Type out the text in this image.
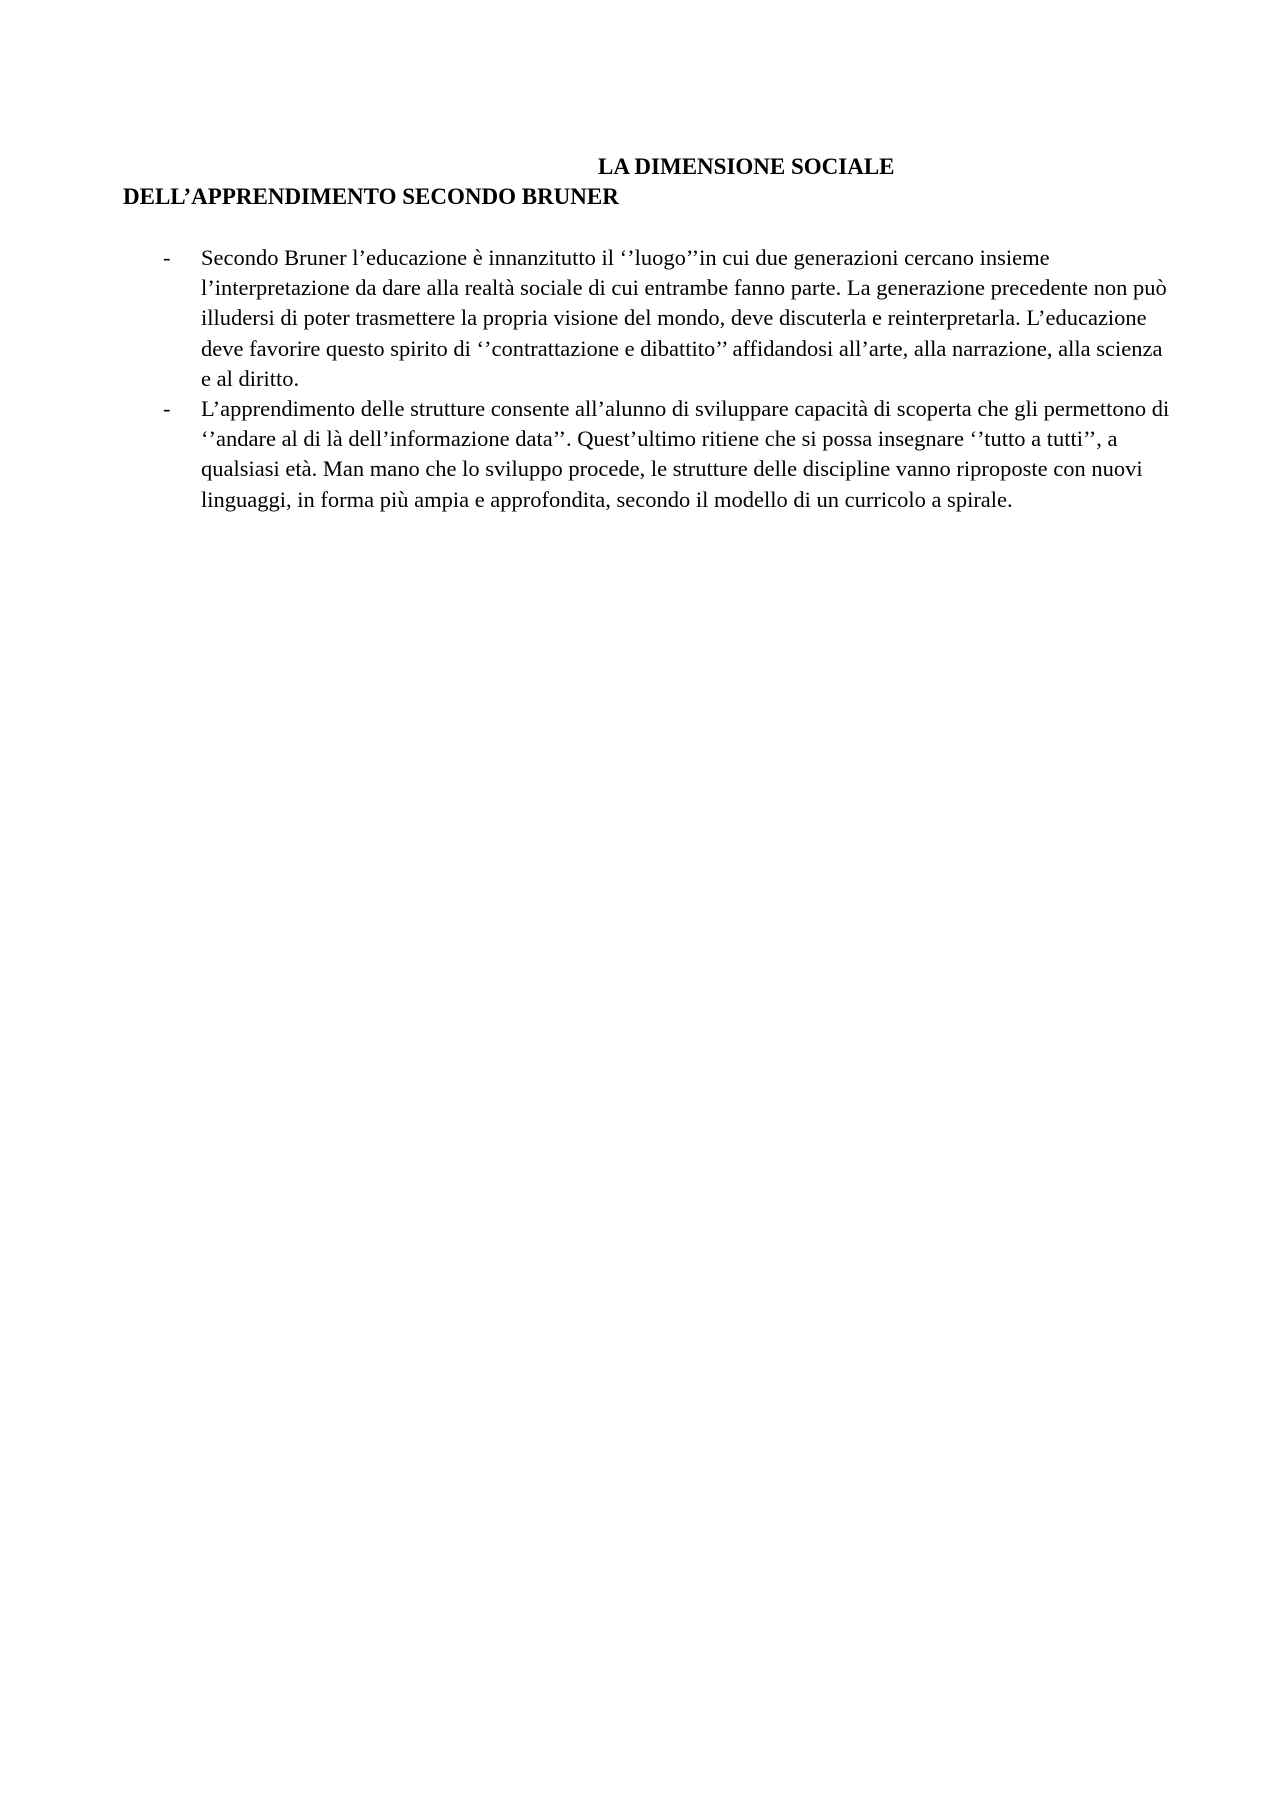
LA DIMENSIONE SOCIALE
DELL’APPRENDIMENTO SECONDO BRUNER
- Secondo Bruner l’educazione è innanzitutto il ‘’luogo’’in cui due generazioni cercano insieme l’interpretazione da dare alla realtà sociale di cui entrambe fanno parte. La generazione precedente non può illudersi di poter trasmettere la propria visione del mondo, deve discuterla e reinterpretarla. L’educazione deve favorire questo spirito di ‘’contrattazione e dibattito’’ affidandosi all’arte, alla narrazione, alla scienza e al diritto.
- L’apprendimento delle strutture consente all’alunno di sviluppare capacità di scoperta che gli permettono di ‘’andare al di là dell’informazione data’’. Quest’ultimo ritiene che si possa insegnare ‘’tutto a tutti’’, a qualsiasi età. Man mano che lo sviluppo procede, le strutture delle discipline vanno riproposte con nuovi linguaggi, in forma più ampia e approfondita, secondo il modello di un curricolo a spirale.
